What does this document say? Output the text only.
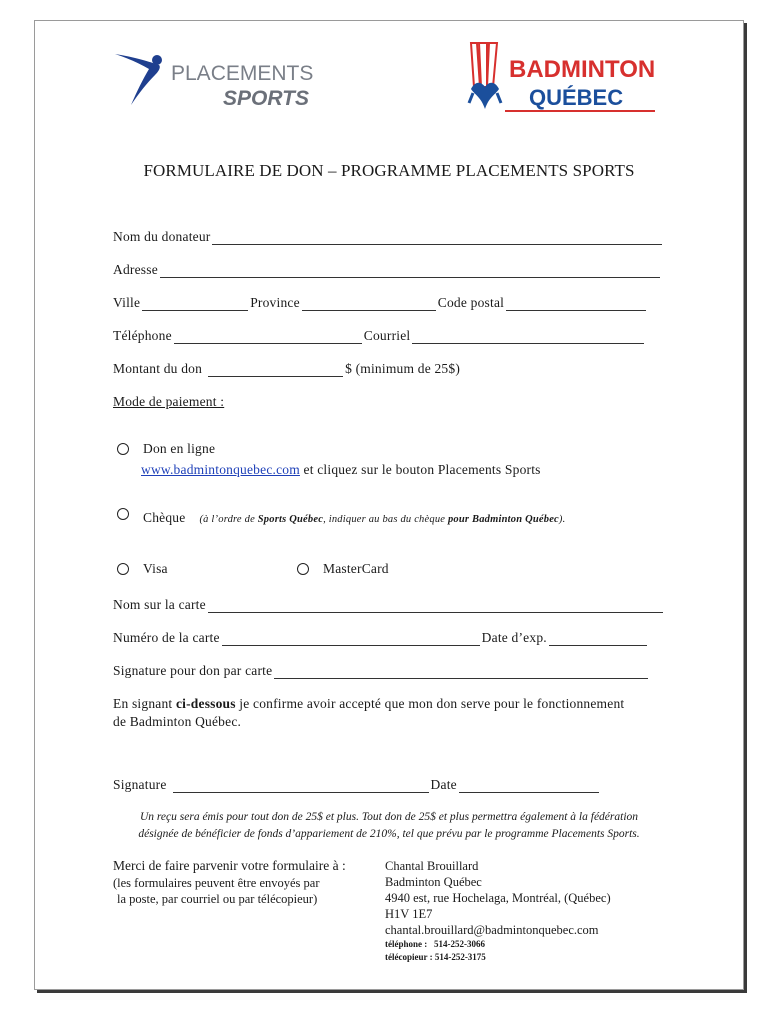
PLACEMENTS
SPORTS
BADMINTON
QUÉBEC
FORMULAIRE DE DON – PROGRAMME PLACEMENTS SPORTS
Nom du donateur
Adresse
Ville	Province	Code postal
Téléphone	Courriel
Montant du don	$ (minimum de 25$)
Mode de paiement :
Don en ligne
www.badmintonquebec.com et cliquez sur le bouton Placements Sports
Chèque (à l’ordre de Sports Québec, indiquer au bas du chèque pour Badminton Québec).
Visa	MasterCard
Nom sur la carte
Numéro de la carte	Date d’exp.
Signature pour don par carte
En signant ci-dessous je confirme avoir accepté que mon don serve pour le fonctionnement
de Badminton Québec.
Signature	Date
Un reçu sera émis pour tout don de 25$ et plus. Tout don de 25$ et plus permettra également à la fédération
désignée de bénéficier de fonds d’appariement de 210%, tel que prévu par le programme Placements Sports.
Merci de faire parvenir votre formulaire à :
(les formulaires peuvent être envoyés par
la poste, par courriel ou par télécopieur)
Chantal Brouillard
Badminton Québec
4940 est, rue Hochelaga, Montréal, (Québec)
H1V 1E7
chantal.brouillard@badmintonquebec.com
téléphone :   514-252-3066
télécopieur : 514-252-3175
